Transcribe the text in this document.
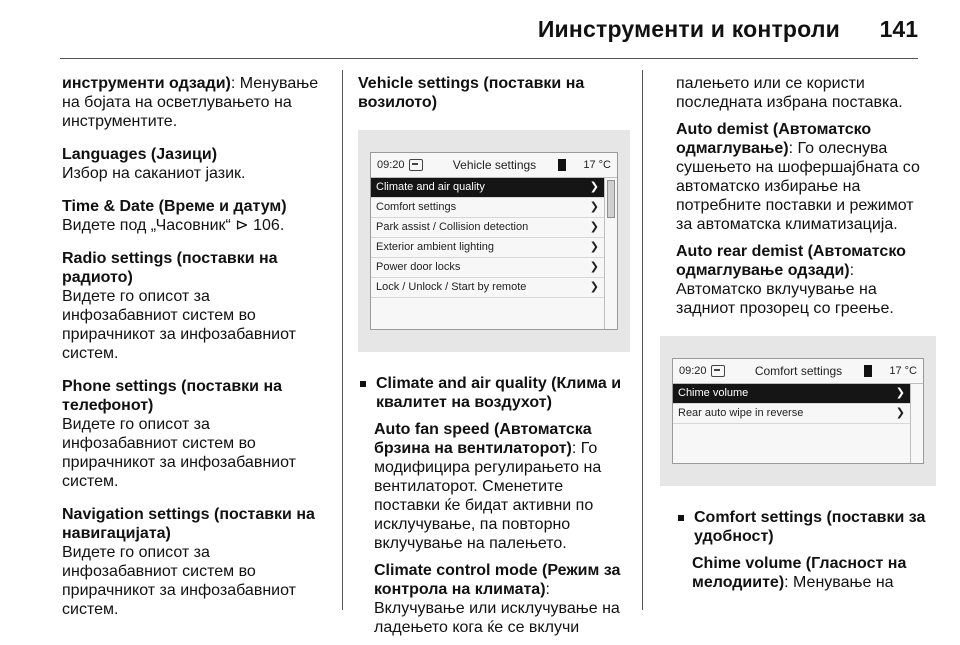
Иинструменти и контроли 141

инструменти одзади): Менување на бојата на осветлувањето на инструментите.

Languages (Јазици)
Избор на саканиот јазик.
Time & Date (Време и датум)
Видете под „Часовник“ ⊳ 106.
Radio settings (поставки на радиото)
Видете го описот за инфозабавниот систем во прирачникот за инфозабавниот систем.
Phone settings (поставки на телефонот)
Видете го описот за инфозабавниот систем во прирачникот за инфозабавниот систем.
Navigation settings (поставки на навигацијата)
Видете го описот за инфозабавниот систем во прирачникот за инфозабавниот систем.
Vehicle settings (поставки на возилото)
09:20	Vehicle settings	17 °C
Climate and air quality	❯
Comfort settings	❯
Park assist / Collision detection	❯
Exterior ambient lighting	❯
Power door locks	❯
Lock / Unlock / Start by remote	❯
Climate and air quality (Клима и квалитет на воздухот)

Auto fan speed (Автоматска брзина на вентилаторот): Го модифицира регулирањето на вентилаторот. Сменетите поставки ќе бидат активни по исклучување, па повторно вклучување на палењето.

Climate control mode (Режим за контрола на климата): Вклучување или исклучување на ладењето кога ќе се вклучи

палењето или се користи последната избрана поставка.

Auto demist (Автоматско одмаглување): Го олеснува сушењето на шофершајбната со автоматско избирање на потребните поставки и режимот за автоматска климатизација.

Auto rear demist (Автоматско одмаглување одзади): Автоматско вклучување на задниот прозорец со греење.

09:20	Comfort settings	17 °C
Chime volume	❯
Rear auto wipe in reverse	❯
Comfort settings (поставки за удобност)

Chime volume (Гласност на мелодиите): Менување на
